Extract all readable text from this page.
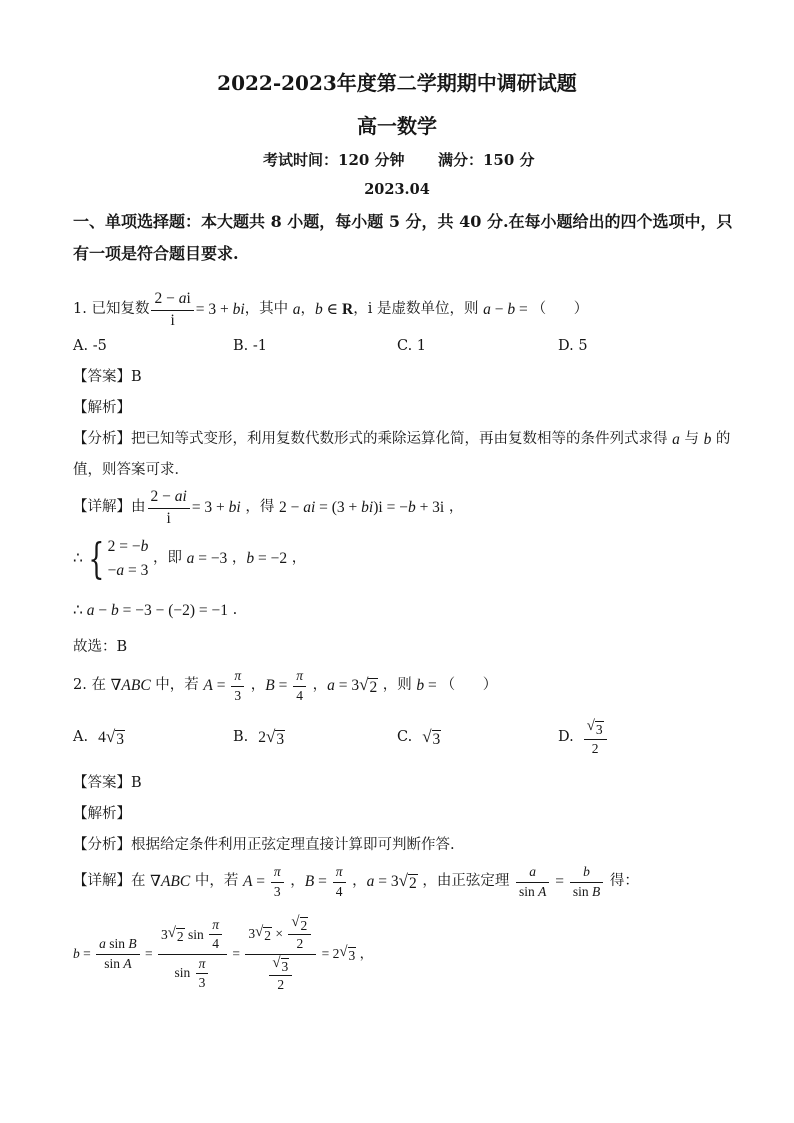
2022-2023年度第二学期期中调研试题
高一数学
考试时间：120 分钟 满分：150 分
2023.04
一、单项选择题：本大题共 8 小题，每小题 5 分，共 40 分.在每小题给出的四个选项中，只
有一项是符合题目要求.
1. 已知复数 $\frac{\text{2 − a i}}{i} = 3$ + bi ，其中 a ， b ∈ R ，i 是虚数单位，则 a − b = （      ）
A. -5	B. -1	C. 1	D. 5
【答案】B
【解析】
【分析】把已知等式变形，利用复数代数形式的乘除运算化简，再由复数相等的条件列式求得 a 与 b 的
值，则答案可求．
【详解】由 $\frac{2 - ai}{i} = 3$ + bi ，得 2 − ai = (3 + bi )i = − b + 3i ，
∴ { 2 = − b
− a = 3
，即 a = −3 ， b = −2 ，
∴ a − b = −3 − (−2) = −1 .
故选：B
2. 在 ∇ ABC 中，若 $A = \frac{\pi}{3}$ ， $B = \frac{\pi}{4}$ ， a = 3 √ 2 ，则 b = （      ）
A. 4 √ 3	B. 2 √ 3	C. √ 3	D. $\frac{√ 3}{2}$
【答案】B
【解析】
【分析】根据给定条件利用正弦定理直接计算即可判断作答.
【详解】在 ∇ ABC 中，若 $A = \frac{\pi}{3}$ ， $B = \frac{\pi}{4}$ ， a = 3 √ 2 ，由正弦定理 $\frac{a}{\text{sin A}} = \frac{b}{\text{sin B}}$ 得：
$b = \frac{\text{a sin B}}{\text{sin A}} = \frac{3 √ 2 \sin \frac{\pi}{4}}{\sin \frac{\pi}{3}} = \frac{3 √ 2 \times \frac{√ 2}{2}}{\frac{√ 3}{2}} = 2$ √ 3 ，
